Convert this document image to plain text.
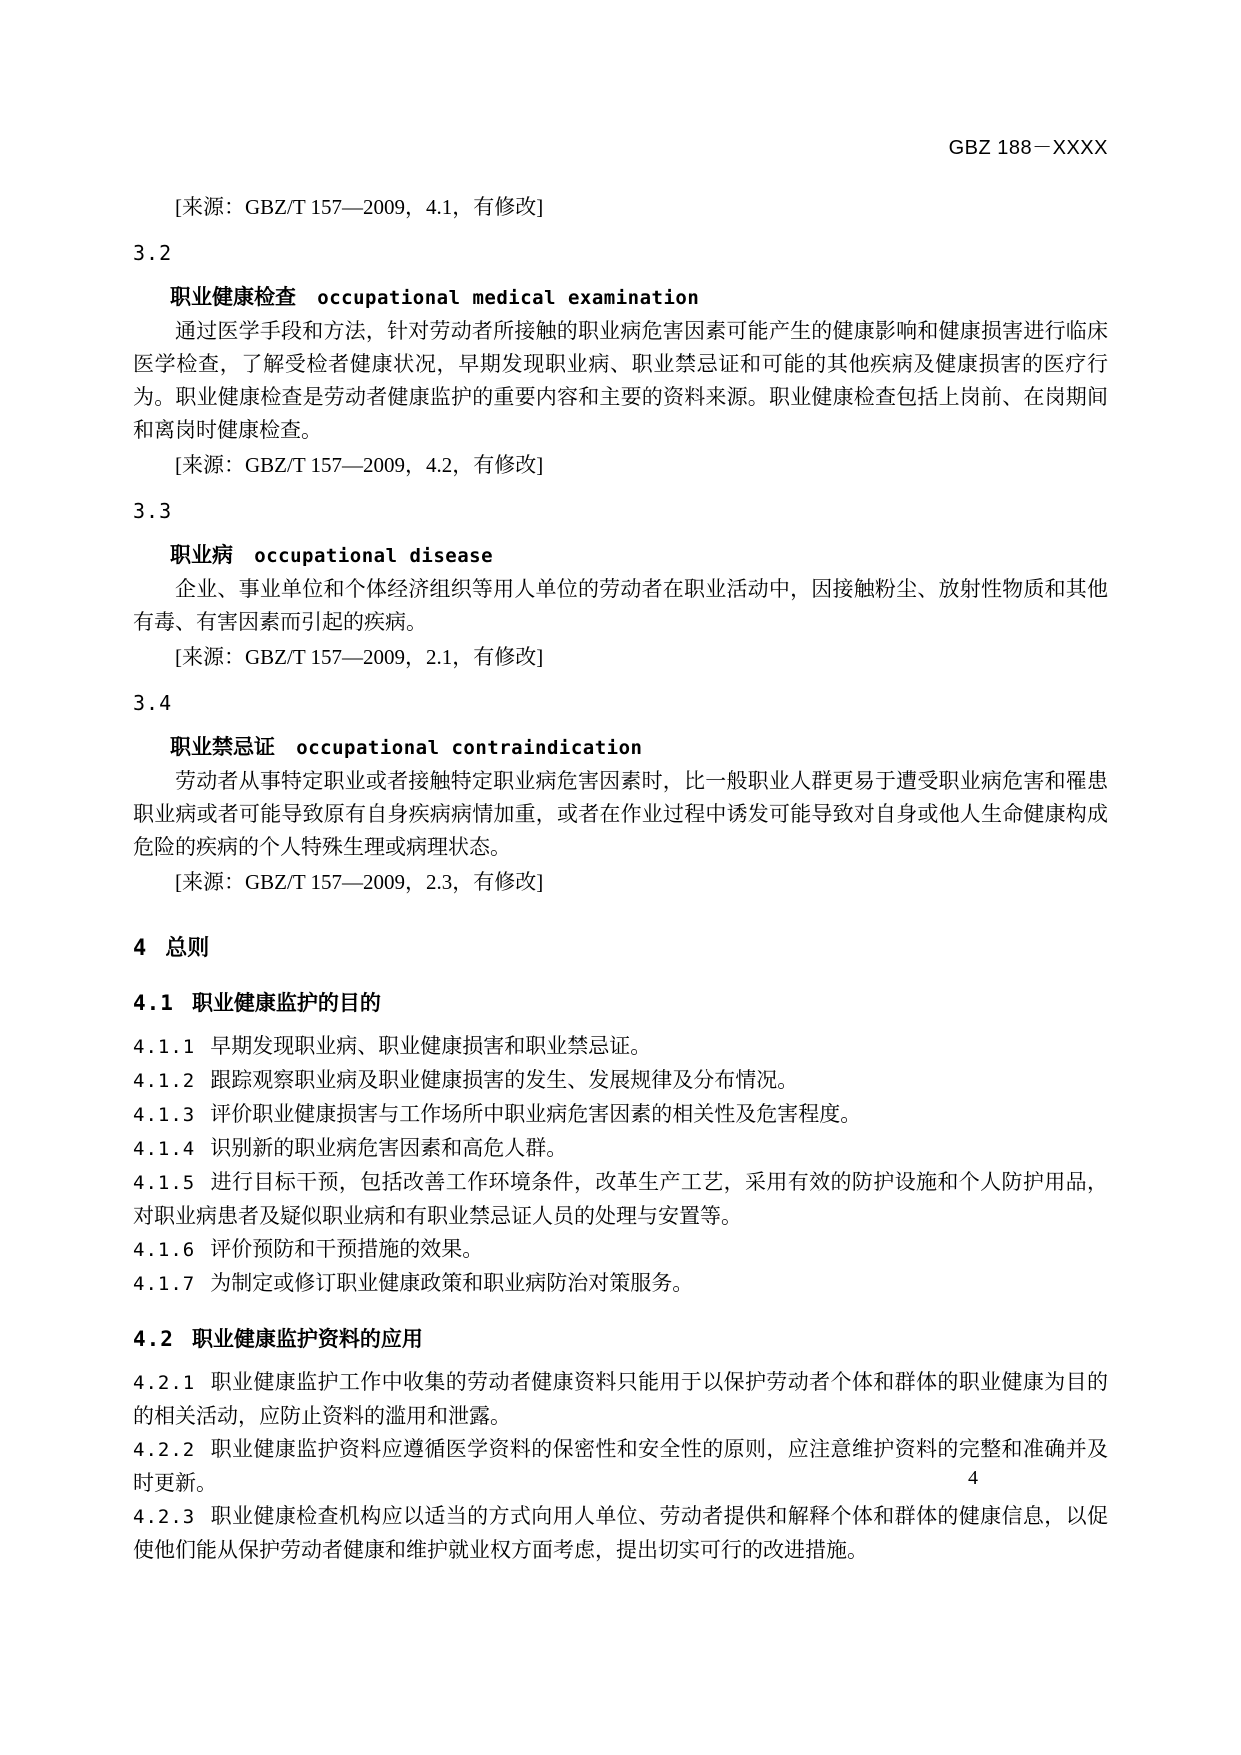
GBZ 188－XXXX
[来源：GBZ/T 157—2009，4.1，有修改]
3.2
职业健康检查 occupational medical examination

通过医学手段和方法，针对劳动者所接触的职业病危害因素可能产生的健康影响和健康损害进行临床医学检查，了解受检者健康状况，早期发现职业病、职业禁忌证和可能的其他疾病及健康损害的医疗行为。职业健康检查是劳动者健康监护的重要内容和主要的资料来源。职业健康检查包括上岗前、在岗期间和离岗时健康检查。

[来源：GBZ/T 157—2009，4.2，有修改]
3.3
职业病 occupational disease

企业、事业单位和个体经济组织等用人单位的劳动者在职业活动中，因接触粉尘、放射性物质和其他有毒、有害因素而引起的疾病。

[来源：GBZ/T 157—2009，2.1，有修改]
3.4
职业禁忌证 occupational contraindication

劳动者从事特定职业或者接触特定职业病危害因素时，比一般职业人群更易于遭受职业病危害和罹患职业病或者可能导致原有自身疾病病情加重，或者在作业过程中诱发可能导致对自身或他人生命健康构成危险的疾病的个人特殊生理或病理状态。

[来源：GBZ/T 157—2009，2.3，有修改]
4 总则
4.1 职业健康监护的目的

4.1.1 早期发现职业病、职业健康损害和职业禁忌证。

4.1.2 跟踪观察职业病及职业健康损害的发生、发展规律及分布情况。

4.1.3 评价职业健康损害与工作场所中职业病危害因素的相关性及危害程度。

4.1.4 识别新的职业病危害因素和高危人群。

4.1.5 进行目标干预，包括改善工作环境条件，改革生产工艺，采用有效的防护设施和个人防护用品，对职业病患者及疑似职业病和有职业禁忌证人员的处理与安置等。

4.1.6 评价预防和干预措施的效果。

4.1.7 为制定或修订职业健康政策和职业病防治对策服务。

4.2 职业健康监护资料的应用

4.2.1 职业健康监护工作中收集的劳动者健康资料只能用于以保护劳动者个体和群体的职业健康为目的的相关活动，应防止资料的滥用和泄露。

4.2.2 职业健康监护资料应遵循医学资料的保密性和安全性的原则，应注意维护资料的完整和准确并及时更新。

4.2.3 职业健康检查机构应以适当的方式向用人单位、劳动者提供和解释个体和群体的健康信息，以促使他们能从保护劳动者健康和维护就业权方面考虑，提出切实可行的改进措施。

4
